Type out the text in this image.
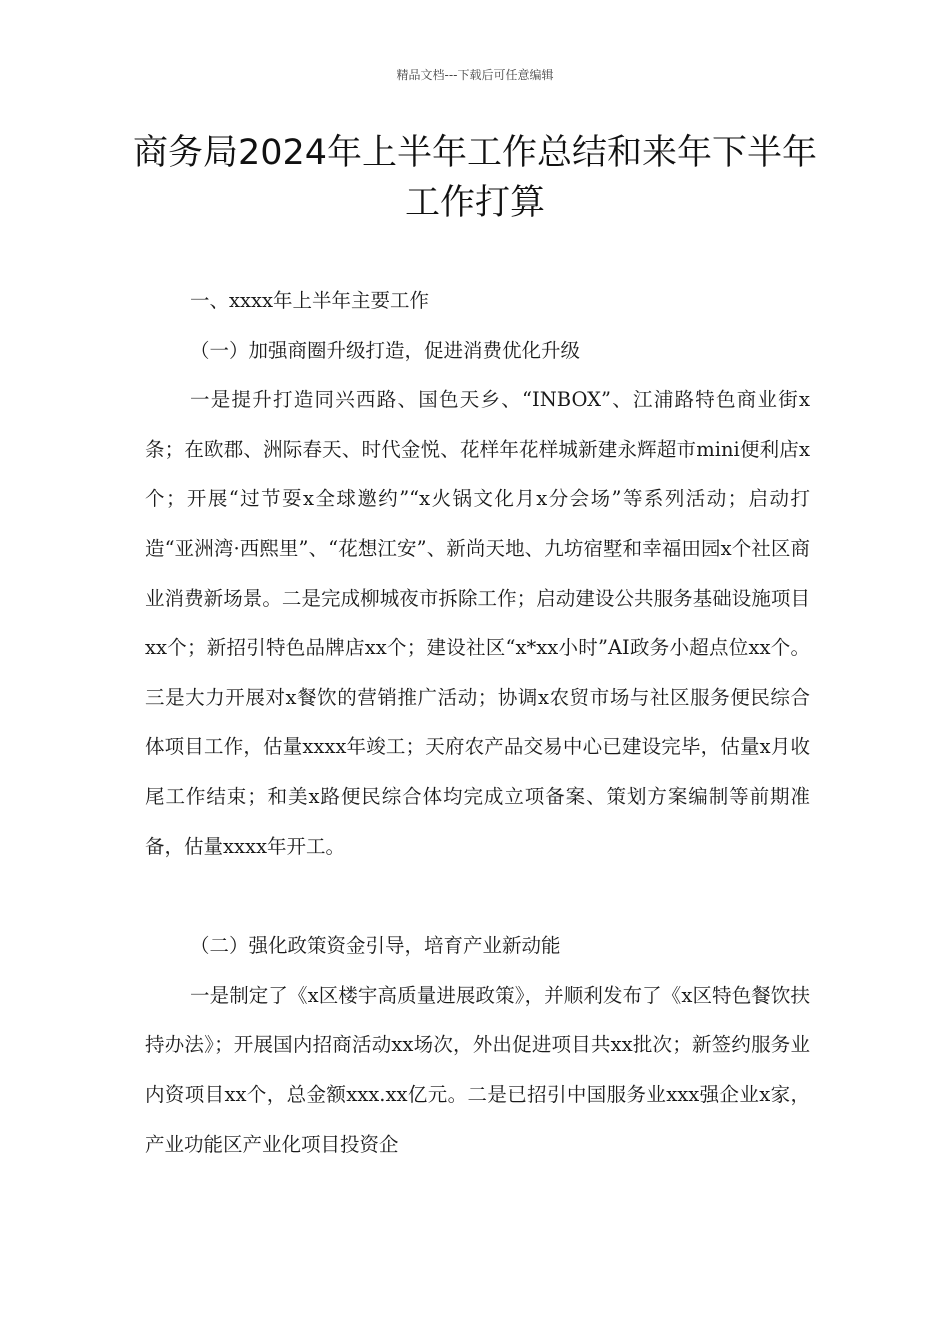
精品文档---下载后可任意编辑
商务局2024年上半年工作总结和来年下半年工作打算

一、xxxx年上半年主要工作

（一）加强商圈升级打造，促进消费优化升级

一是提升打造同兴西路、国色天乡、“INBOX”、江浦路特色商业街x条；在欧郡、洲际春天、时代金悦、花样年花样城新建永辉超市mini便利店x个；开展“过节耍x全球邀约”“x火锅文化月x分会场”等系列活动；启动打造“亚洲湾·西熙里”、“花想江安”、新尚天地、九坊宿墅和幸福田园x个社区商业消费新场景。二是完成柳城夜市拆除工作；启动建设公共服务基础设施项目xx个；新招引特色品牌店xx个；建设社区“x*xx小时”AI政务小超点位xx个。三是大力开展对x餐饮的营销推广活动；协调x农贸市场与社区服务便民综合体项目工作，估量xxxx年竣工；天府农产品交易中心已建设完毕，估量x月收尾工作结束；和美x路便民综合体均完成立项备案、策划方案编制等前期准备，估量xxxx年开工。

（二）强化政策资金引导，培育产业新动能

一是制定了《x区楼宇高质量进展政策》，并顺利发布了《x区特色餐饮扶持办法》；开展国内招商活动xx场次，外出促进项目共xx批次；新签约服务业内资项目xx个，总金额xxx.xx亿元。二是已招引中国服务业xxx强企业x家，产业功能区产业化项目投资企
